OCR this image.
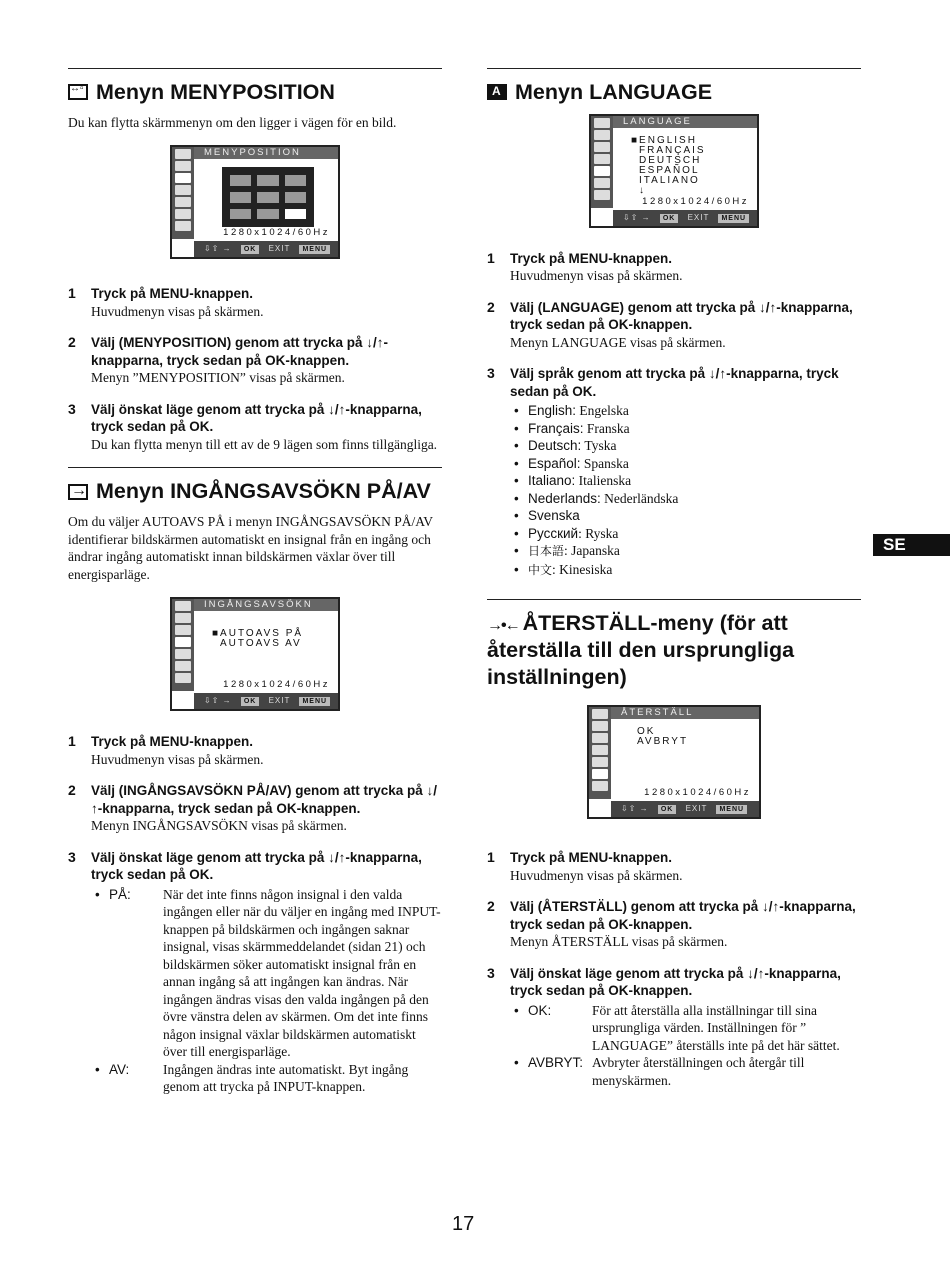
↔▫
Menyn MENYPOSITION

Du kan flytta skärmmenyn om den ligger i vägen för en bild.

MENYPOSITION
1280x1024/60Hz
⇩⇧ → OK EXIT MENU
1	Tryck på MENU-knappen.
Huvudmenyn visas på skärmen.
2	Välj (MENYPOSITION) genom att trycka på ↓/↑-knapparna, tryck sedan på OK-knappen.
Menyn ”MENYPOSITION” visas på skärmen.
3	Välj önskat läge genom att trycka på ↓/↑-knapparna, tryck sedan på OK.
Du kan flytta menyn till ett av de 9 lägen som finns tillgängliga.
→
Menyn INGÅNGSAVSÖKN PÅ/AV

Om du väljer AUTOAVS PÅ i menyn INGÅNGSAVSÖKN PÅ/AV identifierar bildskärmen automatiskt en insignal från en ingång och ändrar ingång automatiskt innan bildskärmen växlar över till energisparläge.

INGÅNGSAVSÖKN
■AUTOAVS PÅ
AUTOAVS AV
1280x1024/60Hz
⇩⇧ → OK EXIT MENU
1	Tryck på MENU-knappen.
Huvudmenyn visas på skärmen.
2	Välj (INGÅNGSAVSÖKN PÅ/AV) genom att trycka på ↓/↑-knapparna, tryck sedan på OK-knappen.
Menyn INGÅNGSAVSÖKN visas på skärmen.
3	Välj önskat läge genom att trycka på ↓/↑-knapparna, tryck sedan på OK.
• PÅ:	När det inte finns någon insignal i den valda ingången eller när du väljer en ingång med INPUT-knappen på bildskärmen och ingången saknar insignal, visas skärmmeddelandet (sidan 21) och bildskärmen söker automatiskt insignal från en annan ingång så att ingången kan ändras. När ingången ändras visas den valda ingången på den övre vänstra delen av skärmen. Om det inte finns någon insignal växlar bildskärmen automatiskt över till energisparläge.
• AV:	Ingången ändras inte automatiskt. Byt ingång genom att trycka på INPUT-knappen.
A
Menyn LANGUAGE
LANGUAGE
■ENGLISH
FRANÇAIS
DEUTSCH
ESPAÑOL
ITALIANO
↓
1280x1024/60Hz
⇩⇧ → OK EXIT MENU
1	Tryck på MENU-knappen.
Huvudmenyn visas på skärmen.
2	Välj (LANGUAGE) genom att trycka på ↓/↑-knapparna, tryck sedan på OK-knappen.
Menyn LANGUAGE visas på skärmen.
3	Välj språk genom att trycka på ↓/↑-knapparna, tryck sedan på OK.
• English: Engelska
• Français: Franska
• Deutsch: Tyska
• Español: Spanska
• Italiano: Italienska
• Nederlands: Nederländska
• Svenska
• Русский: Ryska
• 日本語: Japanska
• 中文: Kinesiska
→•← ÅTERSTÄLL-meny (för att återställa till den ursprungliga inställningen)
ÅTERSTÄLL
OK
AVBRYT
1280x1024/60Hz
⇩⇧ → OK EXIT MENU
1	Tryck på MENU-knappen.
Huvudmenyn visas på skärmen.
2	Välj (ÅTERSTÄLL) genom att trycka på ↓/↑-knapparna, tryck sedan på OK-knappen.
Menyn ÅTERSTÄLL visas på skärmen.
3	Välj önskat läge genom att trycka på ↓/↑-knapparna, tryck sedan på OK-knappen.
• OK:	För att återställa alla inställningar till sina ursprungliga värden. Inställningen för ” LANGUAGE” återställs inte på det här sättet.
• AVBRYT: Avbryter återställningen och återgår till menyskärmen.
SE
17
